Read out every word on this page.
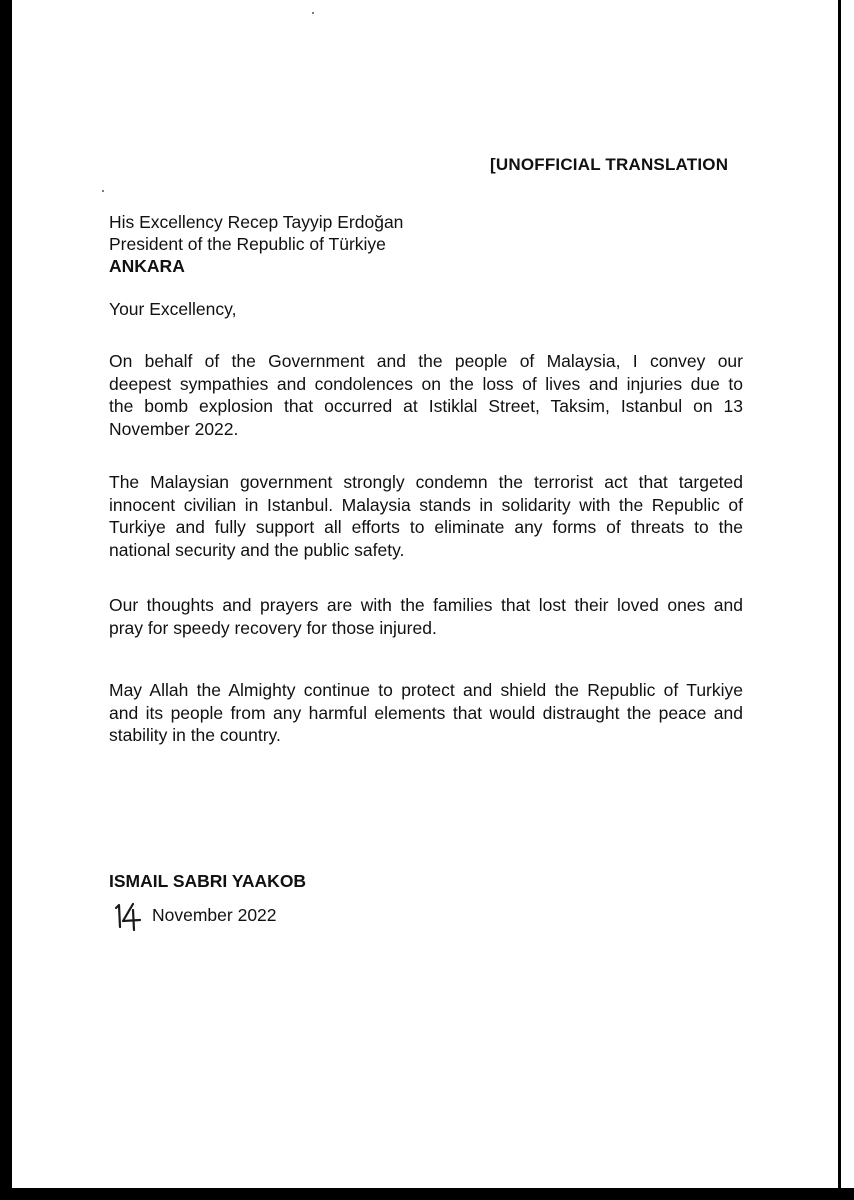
[UNOFFICIAL TRANSLATION
His Excellency Recep Tayyip Erdoğan
President of the Republic of Türkiye
ANKARA
Your Excellency,
On behalf of the Government and the people of Malaysia, I convey our
deepest sympathies and condolences on the loss of lives and injuries due to
the bomb explosion that occurred at Istiklal Street, Taksim, Istanbul on 13
November 2022.
The Malaysian government strongly condemn the terrorist act that targeted
innocent civilian in Istanbul. Malaysia stands in solidarity with the Republic of
Turkiye and fully support all efforts to eliminate any forms of threats to the
national security and the public safety.
Our thoughts and prayers are with the families that lost their loved ones and
pray for speedy recovery for those injured.
May Allah the Almighty continue to protect and shield the Republic of Turkiye
and its people from any harmful elements that would distraught the peace and
stability in the country.
ISMAIL SABRI YAAKOB
November 2022
